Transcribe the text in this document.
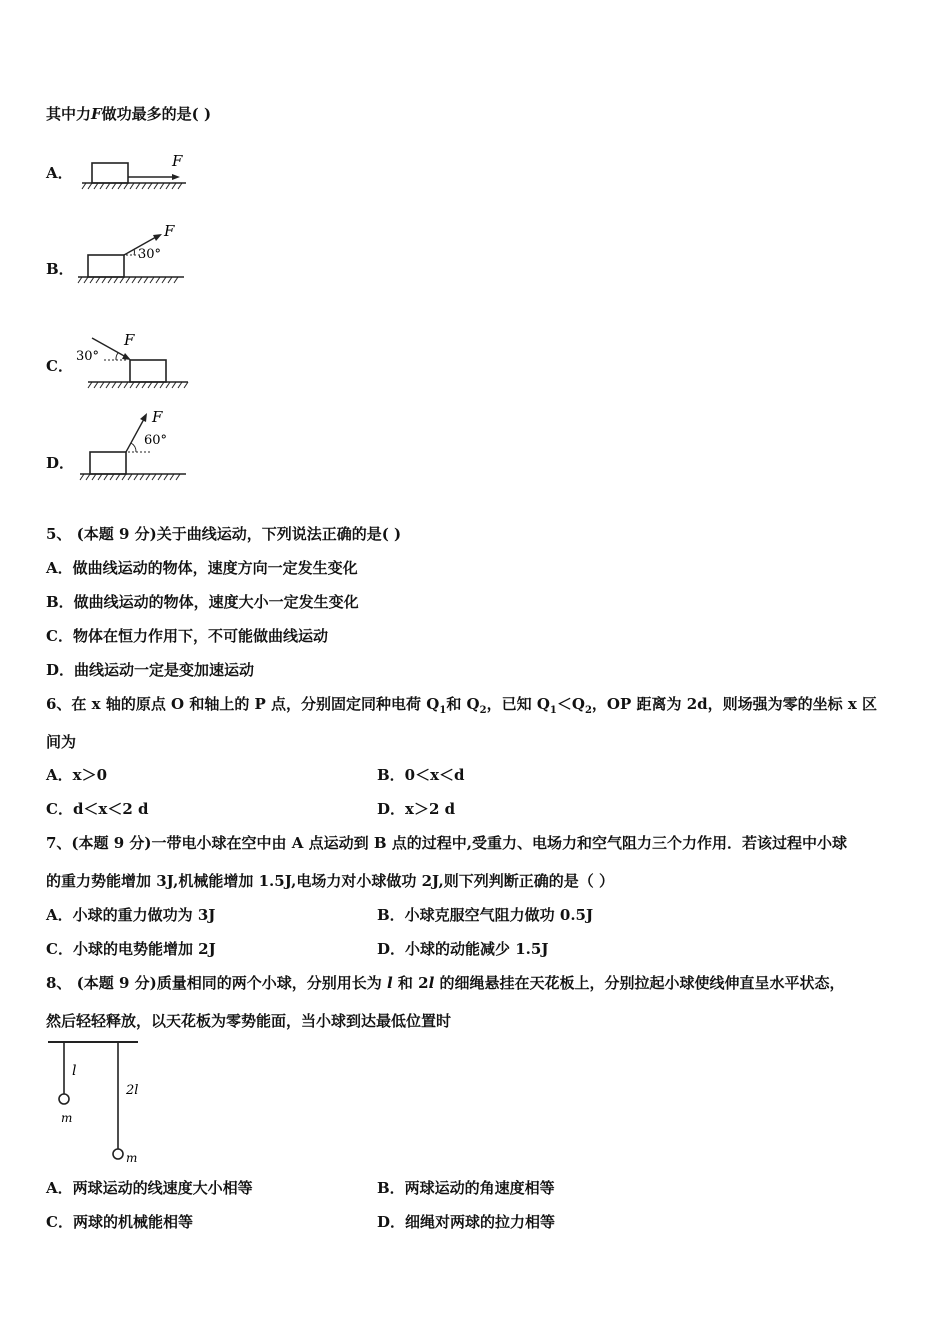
其中力F做功最多的是( )
A．
F
B．
F
30°
C．
F
30°
D．
F
60°
5、 (本题 9 分)关于曲线运动，下列说法正确的是( )
A．做曲线运动的物体，速度方向一定发生变化
B．做曲线运动的物体，速度大小一定发生变化
C．物体在恒力作用下，不可能做曲线运动
D．曲线运动一定是变加速运动
6、在 x 轴的原点 O 和轴上的 P 点，分别固定同种电荷 $Q_1$和 $Q_2$，已知 $Q_1<Q_2$，OP 距离为 2d，则场强为零的坐标 x 区
间为
A．x＞0	B．0＜x＜d
C．d＜x＜2 d	D．x＞2 d
7、(本题 9 分)一带电小球在空中由 A 点运动到 B 点的过程中,受重力、电场力和空气阻力三个力作用．若该过程中小球
的重力势能增加 3J,机械能增加 1.5J,电场力对小球做功 2J,则下列判断正确的是（ ）
A．小球的重力做功为 3J	B．小球克服空气阻力做功 0.5J
C．小球的电势能增加 2J	D．小球的动能减少 1.5J
8、 (本题 9 分)质量相同的两个小球，分别用长为 l 和 2l 的细绳悬挂在天花板上，分别拉起小球使线伸直呈水平状态，
然后轻轻释放，以天花板为零势能面，当小球到达最低位置时
l
2l
m
m
A．两球运动的线速度大小相等	B．两球运动的角速度相等
C．两球的机械能相等	D．细绳对两球的拉力相等
